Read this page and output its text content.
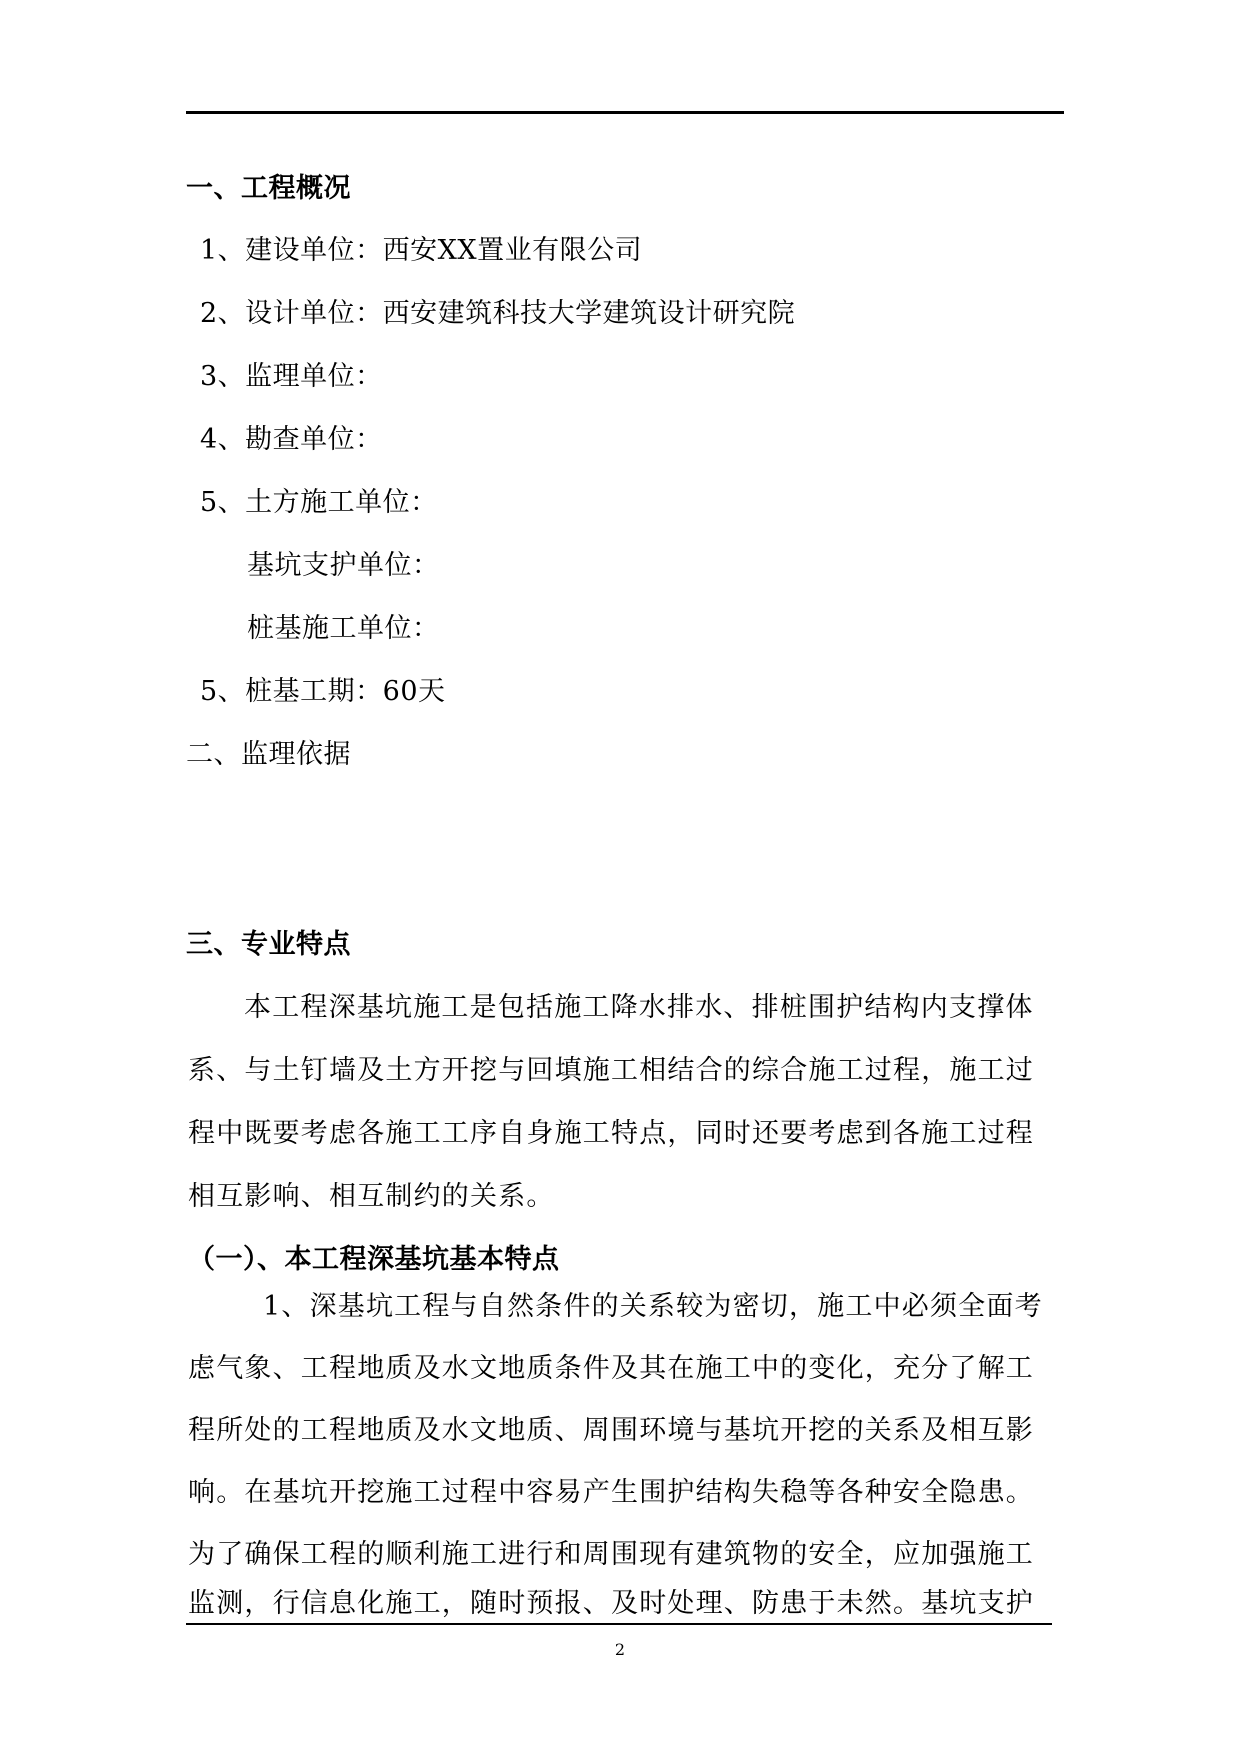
一、工程概况
1、建设单位：西安XX置业有限公司
2、设计单位：西安建筑科技大学建筑设计研究院
3、监理单位：
4、勘查单位：
5、土方施工单位：
基坑支护单位：
桩基施工单位：
5、桩基工期：60天
二、监理依据
三、专业特点
本工程深基坑施工是包括施工降水排水、排桩围护结构内支撑体
系、与土钉墙及土方开挖与回填施工相结合的综合施工过程，施工过
程中既要考虑各施工工序自身施工特点，同时还要考虑到各施工过程
相互影响、相互制约的关系。
（一）、本工程深基坑基本特点
1、深基坑工程与自然条件的关系较为密切，施工中必须全面考
虑气象、工程地质及水文地质条件及其在施工中的变化，充分了解工
程所处的工程地质及水文地质、周围环境与基坑开挖的关系及相互影
响。在基坑开挖施工过程中容易产生围护结构失稳等各种安全隐患。
为了确保工程的顺利施工进行和周围现有建筑物的安全，应加强施工
监测，行信息化施工，随时预报、及时处理、防患于未然。基坑支护
2
